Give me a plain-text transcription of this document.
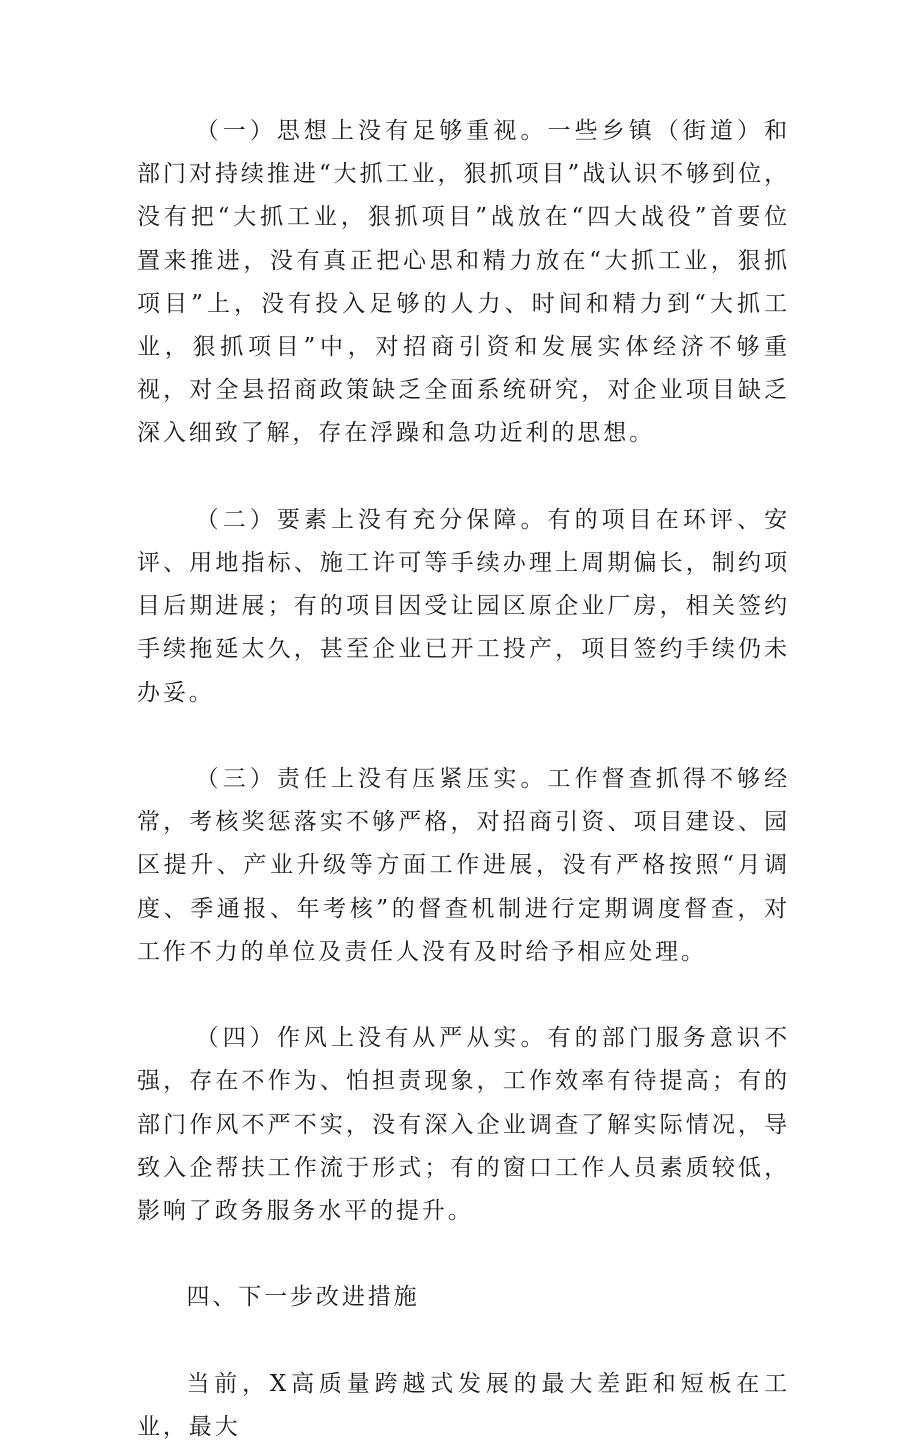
（一）思想上没有足够重视。一些乡镇（街道）和部门对持续推进“大抓工业，狠抓项目”战认识不够到位，没有把“大抓工业，狠抓项目”战放在“四大战役”首要位置来推进，没有真正把心思和精力放在“大抓工业，狠抓项目”上，没有投入足够的人力、时间和精力到“大抓工业，狠抓项目”中，对招商引资和发展实体经济不够重视，对全县招商政策缺乏全面系统研究，对企业项目缺乏深入细致了解，存在浮躁和急功近利的思想。

（二）要素上没有充分保障。有的项目在环评、安评、用地指标、施工许可等手续办理上周期偏长，制约项目后期进展；有的项目因受让园区原企业厂房，相关签约手续拖延太久，甚至企业已开工投产，项目签约手续仍未办妥。

（三）责任上没有压紧压实。工作督查抓得不够经常，考核奖惩落实不够严格，对招商引资、项目建设、园区提升、产业升级等方面工作进展，没有严格按照“月调度、季通报、年考核”的督查机制进行定期调度督查，对工作不力的单位及责任人没有及时给予相应处理。

（四）作风上没有从严从实。有的部门服务意识不强，存在不作为、怕担责现象，工作效率有待提高；有的部门作风不严不实，没有深入企业调查了解实际情况，导致入企帮扶工作流于形式；有的窗口工作人员素质较低，影响了政务服务水平的提升。

四、下一步改进措施

当前，X高质量跨越式发展的最大差距和短板在工业，最大
